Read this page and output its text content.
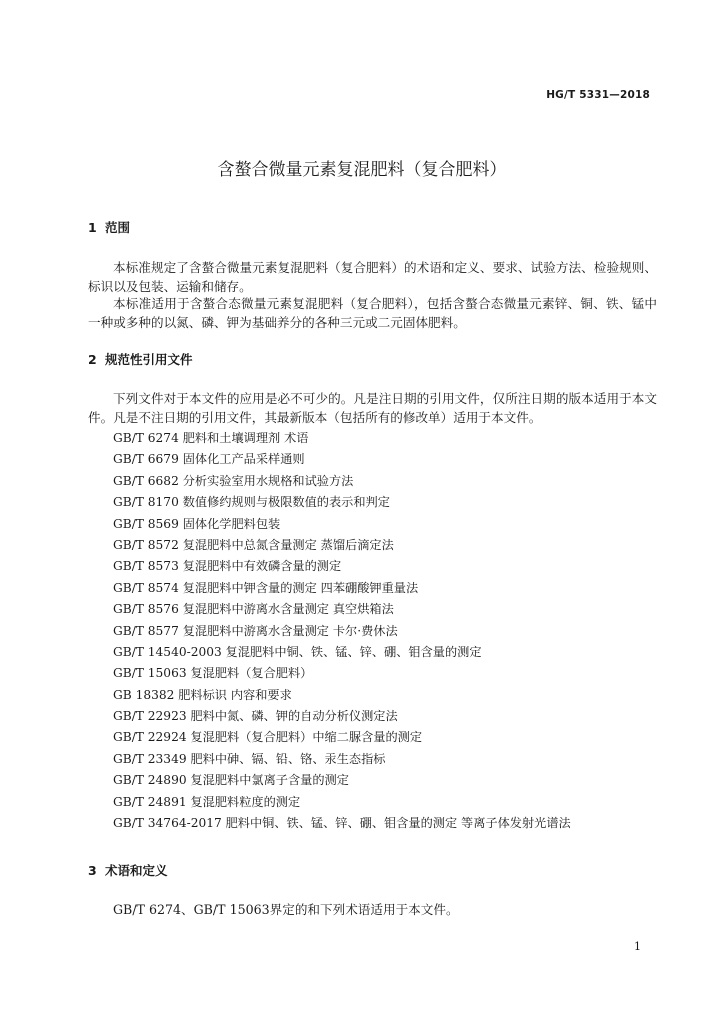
HG/T 5331—2018
含螯合微量元素复混肥料（复合肥料）
1 范围
本标准规定了含螯合微量元素复混肥料（复合肥料）的术语和定义、要求、试验方法、检验规则、标识以及包装、运输和储存。
本标准适用于含螯合态微量元素复混肥料（复合肥料），包括含螯合态微量元素锌、铜、铁、锰中一种或多种的以氮、磷、钾为基础养分的各种三元或二元固体肥料。
2 规范性引用文件
下列文件对于本文件的应用是必不可少的。凡是注日期的引用文件，仅所注日期的版本适用于本文件。凡是不注日期的引用文件，其最新版本（包括所有的修改单）适用于本文件。
GB/T 6274 肥料和土壤调理剂 术语
GB/T 6679 固体化工产品采样通则
GB/T 6682 分析实验室用水规格和试验方法
GB/T 8170 数值修约规则与极限数值的表示和判定
GB/T 8569 固体化学肥料包装
GB/T 8572 复混肥料中总氮含量测定 蒸馏后滴定法
GB/T 8573 复混肥料中有效磷含量的测定
GB/T 8574 复混肥料中钾含量的测定 四苯硼酸钾重量法
GB/T 8576 复混肥料中游离水含量测定 真空烘箱法
GB/T 8577 复混肥料中游离水含量测定 卡尔·费休法
GB/T 14540-2003 复混肥料中铜、铁、锰、锌、硼、钼含量的测定
GB/T 15063 复混肥料（复合肥料）
GB 18382 肥料标识 内容和要求
GB/T 22923 肥料中氮、磷、钾的自动分析仪测定法
GB/T 22924 复混肥料（复合肥料）中缩二脲含量的测定
GB/T 23349 肥料中砷、镉、铅、铬、汞生态指标
GB/T 24890 复混肥料中氯离子含量的测定
GB/T 24891 复混肥料粒度的测定
GB/T 34764-2017 肥料中铜、铁、锰、锌、硼、钼含量的测定 等离子体发射光谱法
3 术语和定义
GB/T 6274、GB/T 15063界定的和下列术语适用于本文件。
1
